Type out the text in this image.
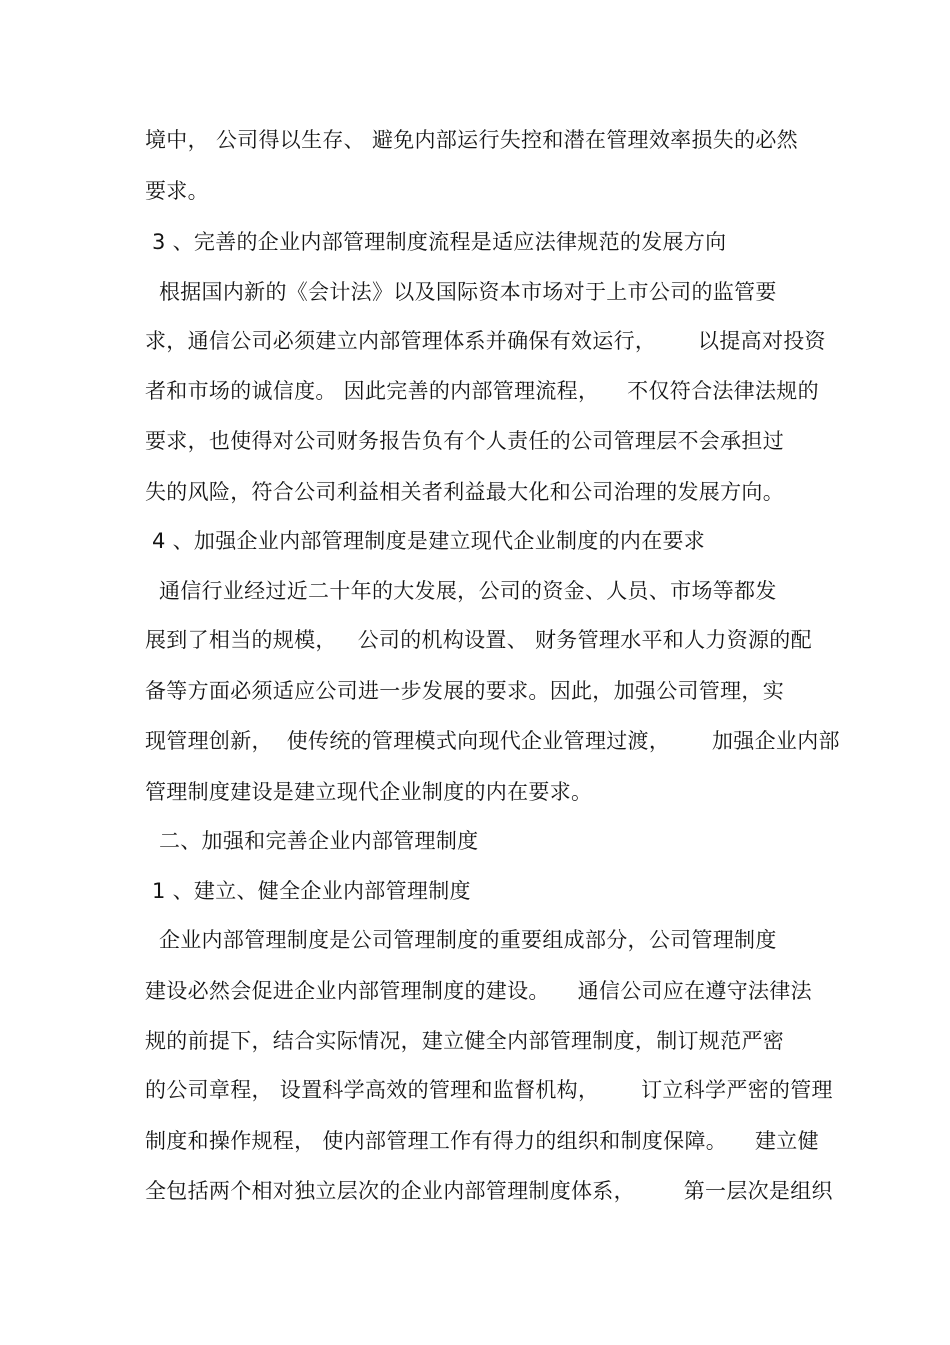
境中， 公司得以生存、 避免内部运行失控和潜在管理效率损失的必然
要求。
3 、完善的企业内部管理制度流程是适应法律规范的发展方向
根据国内新的《会计法》以及国际资本市场对于上市公司的监管要
求，通信公司必须建立内部管理体系并确保有效运行，      以提高对投资
者和市场的诚信度。 因此完善的内部管理流程，    不仅符合法律法规的
要求，也使得对公司财务报告负有个人责任的公司管理层不会承担过
失的风险，符合公司利益相关者利益最大化和公司治理的发展方向。
4 、加强企业内部管理制度是建立现代企业制度的内在要求
通信行业经过近二十年的大发展，公司的资金、人员、市场等都发
展到了相当的规模，   公司的机构设置、 财务管理水平和人力资源的配
备等方面必须适应公司进一步发展的要求。因此，加强公司管理，实
现管理创新，  使传统的管理模式向现代企业管理过渡，      加强企业内部
管理制度建设是建立现代企业制度的内在要求。
二、加强和完善企业内部管理制度
1 、建立、健全企业内部管理制度
企业内部管理制度是公司管理制度的重要组成部分，公司管理制度
建设必然会促进企业内部管理制度的建设。    通信公司应在遵守法律法
规的前提下，结合实际情况，建立健全内部管理制度，制订规范严密
的公司章程， 设置科学高效的管理和监督机构，      订立科学严密的管理
制度和操作规程， 使内部管理工作有得力的组织和制度保障。    建立健
全包括两个相对独立层次的企业内部管理制度体系，       第一层次是组织
